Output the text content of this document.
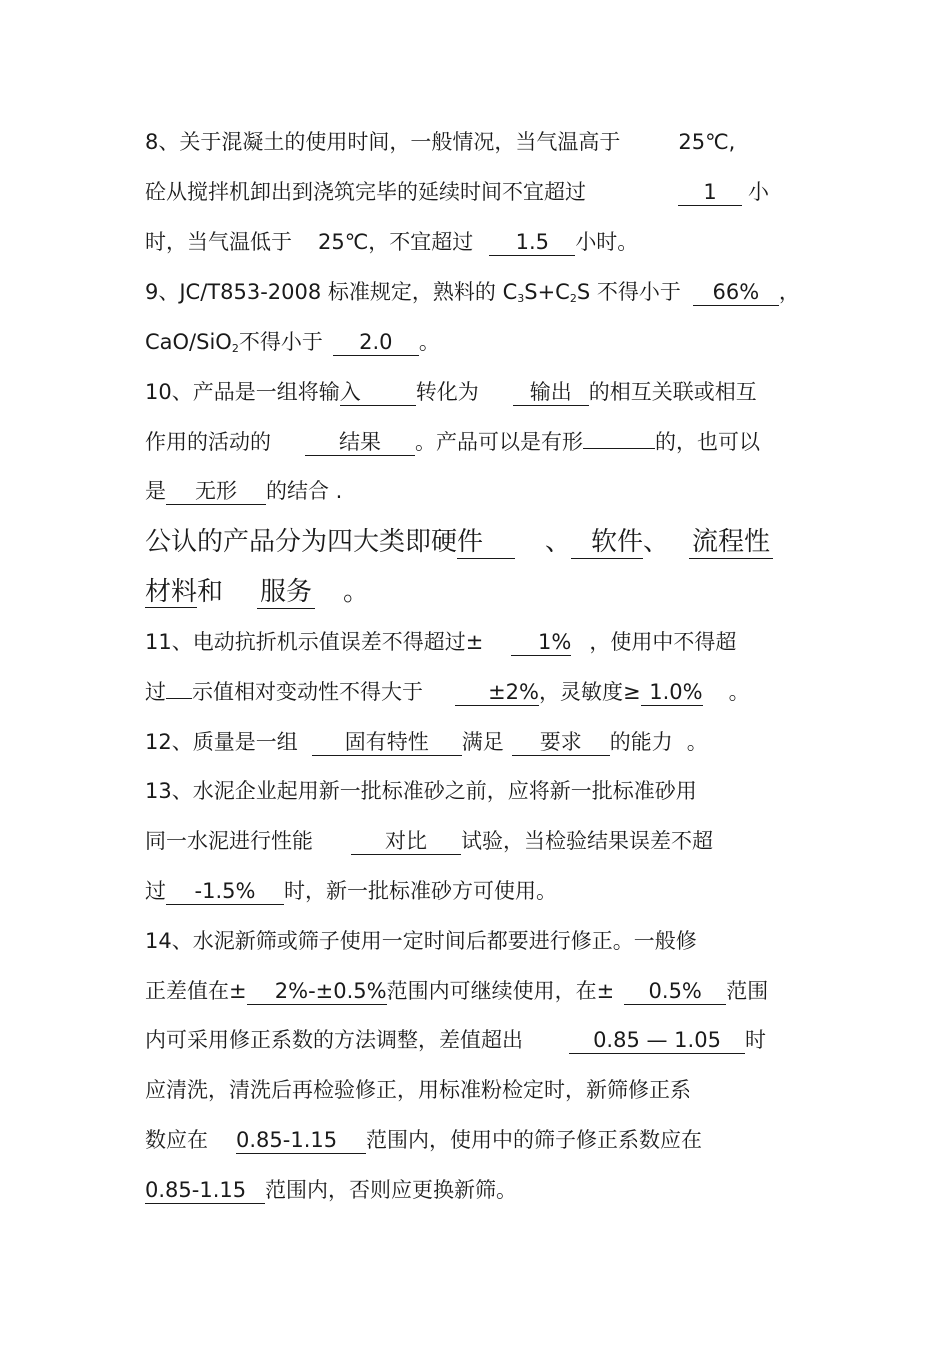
8、关于混凝土的使用时间，一般情况，当气温高于	25℃,
砼从搅拌机卸出到浇筑完毕的延续时间不宜超过	1 小
时，当气温低于 25℃，不宜超过 1.5 小时。
9、JC/T853-2008 标准规定，熟料的 $C_3S+C_2S$ 不得小于 66% ，
CaO/SiO$_2$不得小于 2.0 。
10、产品是一组将输入	转化为 输出 的相互关联或相互
作用的活动的	结果 。产品可以是有形	的，也可以
是 无形 的结合 .
公认的产品分为四大类即硬件 、 软件、 流程性
材料和 服务 。
11、电动抗折机示值误差不得超过±	1% ，使用中不得超
过 示值相对变动性不得大于	±2%，灵敏度≥ 1.0% 。
12、质量是一组 固有特性 满足 要求 的能力 。
13、水泥企业起用新一批标准砂之前，应将新一批标准砂用
同一水泥进行性能	对比 试验，当检验结果误差不超
过 -1.5% 时，新一批标准砂方可使用。
14、水泥新筛或筛子使用一定时间后都要进行修正。一般修
正差值在± 2%-±0.5%范围内可继续使用，在± 0.5% 范围
内可采用修正系数的方法调整，差值超出	0.85 — 1.05 时
应清洗，清洗后再检验修正，用标准粉检定时，新筛修正系
数应在 0.85-1.15 范围内，使用中的筛子修正系数应在
0.85-1.15 范围内，否则应更换新筛。
